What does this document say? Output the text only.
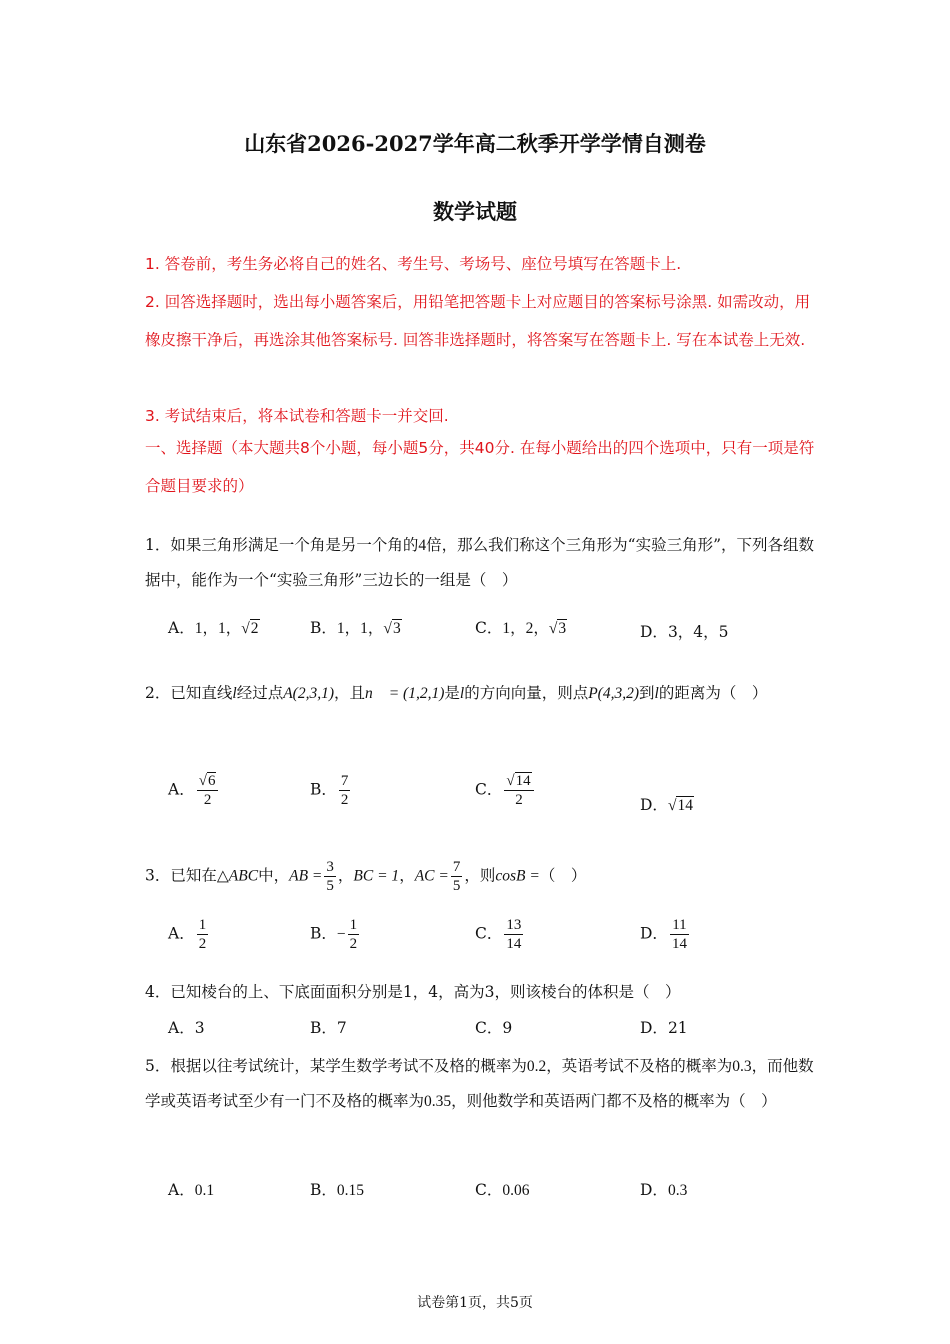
山东省2026-2027学年高二秋季开学学情自测卷
数学试题
1. 答卷前，考生务必将自己的姓名、考生号、考场号、座位号填写在答题卡上.
2. 回答选择题时，选出每小题答案后，用铅笔把答题卡上对应题目的答案标号涂黑. 如需改动，用橡皮擦干净后，再选涂其他答案标号. 回答非选择题时，将答案写在答题卡上. 写在本试卷上无效.
3. 考试结束后，将本试卷和答题卡一并交回.
一、选择题（本大题共8个小题，每小题5分，共40分. 在每小题给出的四个选项中，只有一项是符合题目要求的）
1．如果三角形满足一个角是另一个角的4倍，那么我们称这个三角形为“实验三角形”，下列各组数据中，能作为一个“实验三角形”三边长的一组是（　）
A．1，1，√2	B．1，1，√3	C．1，2，√3	D．3，4，5
2．已知直线l经过点A(2,3,1)，且n⃗ = (1,2,1)是l的方向向量，则点P(4,3,2)到l的距离为（　）
A． $\frac{√6}{2}$	B． $\frac{7}{2}$	C． $\frac{√14}{2}$	D．√14
3．已知在△ABC中，AB = $\frac{3}{5}$ ，BC = 1，AC = $\frac{7}{5}$ ，则cosB =（　）
A． $\frac{1}{2}$	B．− $\frac{1}{2}$	C． $\frac{13}{14}$	D． $\frac{11}{14}$
4．已知棱台的上、下底面面积分别是1，4，高为3，则该棱台的体积是（　）
A．3	B．7	C．9	D．21
5．根据以往考试统计，某学生数学考试不及格的概率为0.2，英语考试不及格的概率为0.3，而他数学或英语考试至少有一门不及格的概率为0.35，则他数学和英语两门都不及格的概率为（　）
A．0.1	B．0.15	C．0.06	D．0.3
试卷第1页，共5页
